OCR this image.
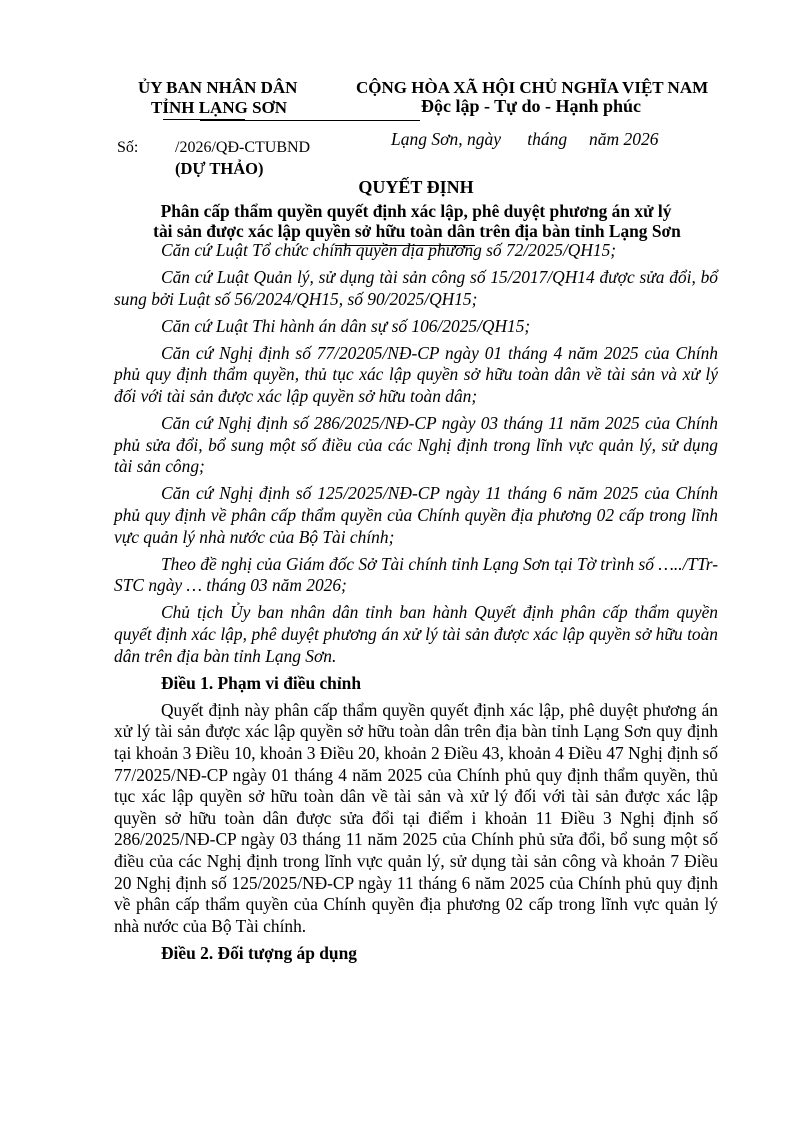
ỦY BAN NHÂN DÂN
TỈNH LẠNG SƠN
CỘNG HÒA XÃ HỘI CHỦ NGHĨA VIỆT NAM
Độc lập - Tự do - Hạnh phúc
Số: /2026/QĐ-CTUBND
(DỰ THẢO)
Lạng Sơn, ngày      tháng     năm 2026
QUYẾT ĐỊNH
Phân cấp thẩm quyền quyết định xác lập, phê duyệt phương án xử lý
tài sản được xác lập quyền sở hữu toàn dân trên địa bàn tỉnh Lạng Sơn

Căn cứ Luật Tổ chức chính quyền địa phương số 72/2025/QH15;

Căn cứ Luật Quản lý, sử dụng tài sản công số 15/2017/QH14 được sửa đổi, bổ sung bởi Luật số 56/2024/QH15, số 90/2025/QH15;

Căn cứ Luật Thi hành án dân sự số 106/2025/QH15;

Căn cứ Nghị định số 77/20205/NĐ-CP ngày 01 tháng 4 năm 2025 của Chính phủ quy định thẩm quyền, thủ tục xác lập quyền sở hữu toàn dân về tài sản và xử lý đối với tài sản được xác lập quyền sở hữu toàn dân;

Căn cứ Nghị định số 286/2025/NĐ-CP ngày 03 tháng 11 năm 2025 của Chính phủ sửa đổi, bổ sung một số điều của các Nghị định trong lĩnh vực quản lý, sử dụng tài sản công;

Căn cứ Nghị định số 125/2025/NĐ-CP ngày 11 tháng 6 năm 2025 của Chính phủ quy định về phân cấp thẩm quyền của Chính quyền địa phương 02 cấp trong lĩnh vực quản lý nhà nước của Bộ Tài chính;

Theo đề nghị của Giám đốc Sở Tài chính tỉnh Lạng Sơn tại Tờ trình số …../TTr-STC ngày … tháng 03 năm 2026;

Chủ tịch Ủy ban nhân dân tỉnh ban hành Quyết định phân cấp thẩm quyền quyết định xác lập, phê duyệt phương án xử lý tài sản được xác lập quyền sở hữu toàn dân trên địa bàn tỉnh Lạng Sơn.

Điều 1. Phạm vi điều chỉnh

Quyết định này phân cấp thẩm quyền quyết định xác lập, phê duyệt phương án xử lý tài sản được xác lập quyền sở hữu toàn dân trên địa bàn tỉnh Lạng Sơn quy định tại khoản 3 Điều 10, khoản 3 Điều 20, khoản 2 Điều 43, khoản 4 Điều 47 Nghị định số 77/2025/NĐ-CP ngày 01 tháng 4 năm 2025 của Chính phủ quy định thẩm quyền, thủ tục xác lập quyền sở hữu toàn dân về tài sản và xử lý đối với tài sản được xác lập quyền sở hữu toàn dân được sửa đổi tại điểm i khoản 11 Điều 3 Nghị định số 286/2025/NĐ-CP ngày 03 tháng 11 năm 2025 của Chính phủ sửa đổi, bổ sung một số điều của các Nghị định trong lĩnh vực quản lý, sử dụng tài sản công và khoản 7 Điều 20 Nghị định số 125/2025/NĐ-CP ngày 11 tháng 6 năm 2025 của Chính phủ quy định về phân cấp thẩm quyền của Chính quyền địa phương 02 cấp trong lĩnh vực quản lý nhà nước của Bộ Tài chính.

Điều 2. Đối tượng áp dụng
